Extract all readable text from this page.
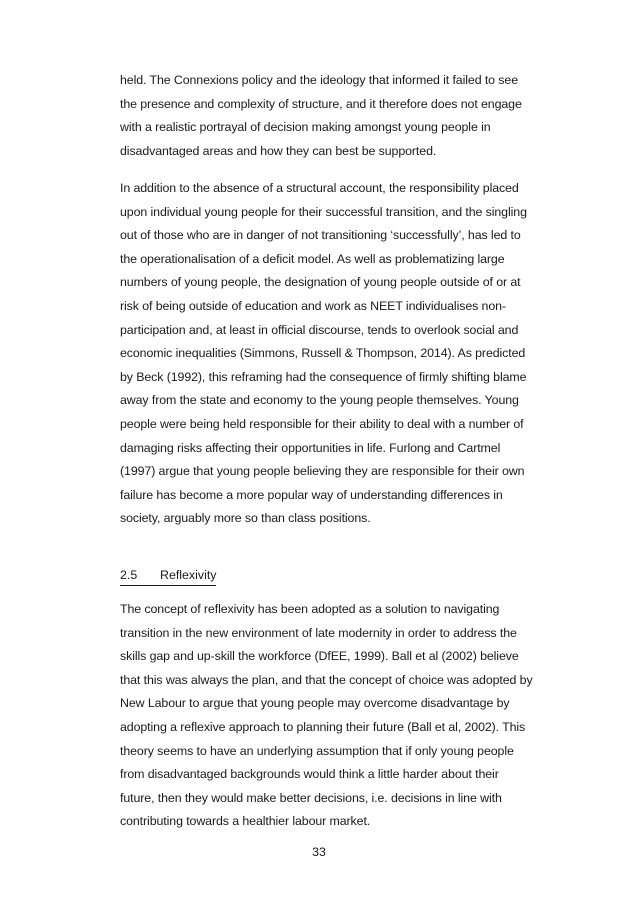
held. The Connexions policy and the ideology that informed it failed to see
the presence and complexity of structure, and it therefore does not engage
with a realistic portrayal of decision making amongst young people in
disadvantaged areas and how they can best be supported.
In addition to the absence of a structural account, the responsibility placed
upon individual young people for their successful transition, and the singling
out of those who are in danger of not transitioning ‘successfully’, has led to
the operationalisation of a deficit model. As well as problematizing large
numbers of young people, the designation of young people outside of or at
risk of being outside of education and work as NEET individualises non-
participation and, at least in official discourse, tends to overlook social and
economic inequalities (Simmons, Russell & Thompson, 2014). As predicted
by Beck (1992), this reframing had the consequence of firmly shifting blame
away from the state and economy to the young people themselves. Young
people were being held responsible for their ability to deal with a number of
damaging risks affecting their opportunities in life. Furlong and Cartmel
(1997) argue that young people believing they are responsible for their own
failure has become a more popular way of understanding differences in
society, arguably more so than class positions.
2.5 Reflexivity
The concept of reflexivity has been adopted as a solution to navigating
transition in the new environment of late modernity in order to address the
skills gap and up-skill the workforce (DfEE, 1999). Ball et al (2002) believe
that this was always the plan, and that the concept of choice was adopted by
New Labour to argue that young people may overcome disadvantage by
adopting a reflexive approach to planning their future (Ball et al, 2002). This
theory seems to have an underlying assumption that if only young people
from disadvantaged backgrounds would think a little harder about their
future, then they would make better decisions, i.e. decisions in line with
contributing towards a healthier labour market.
33
